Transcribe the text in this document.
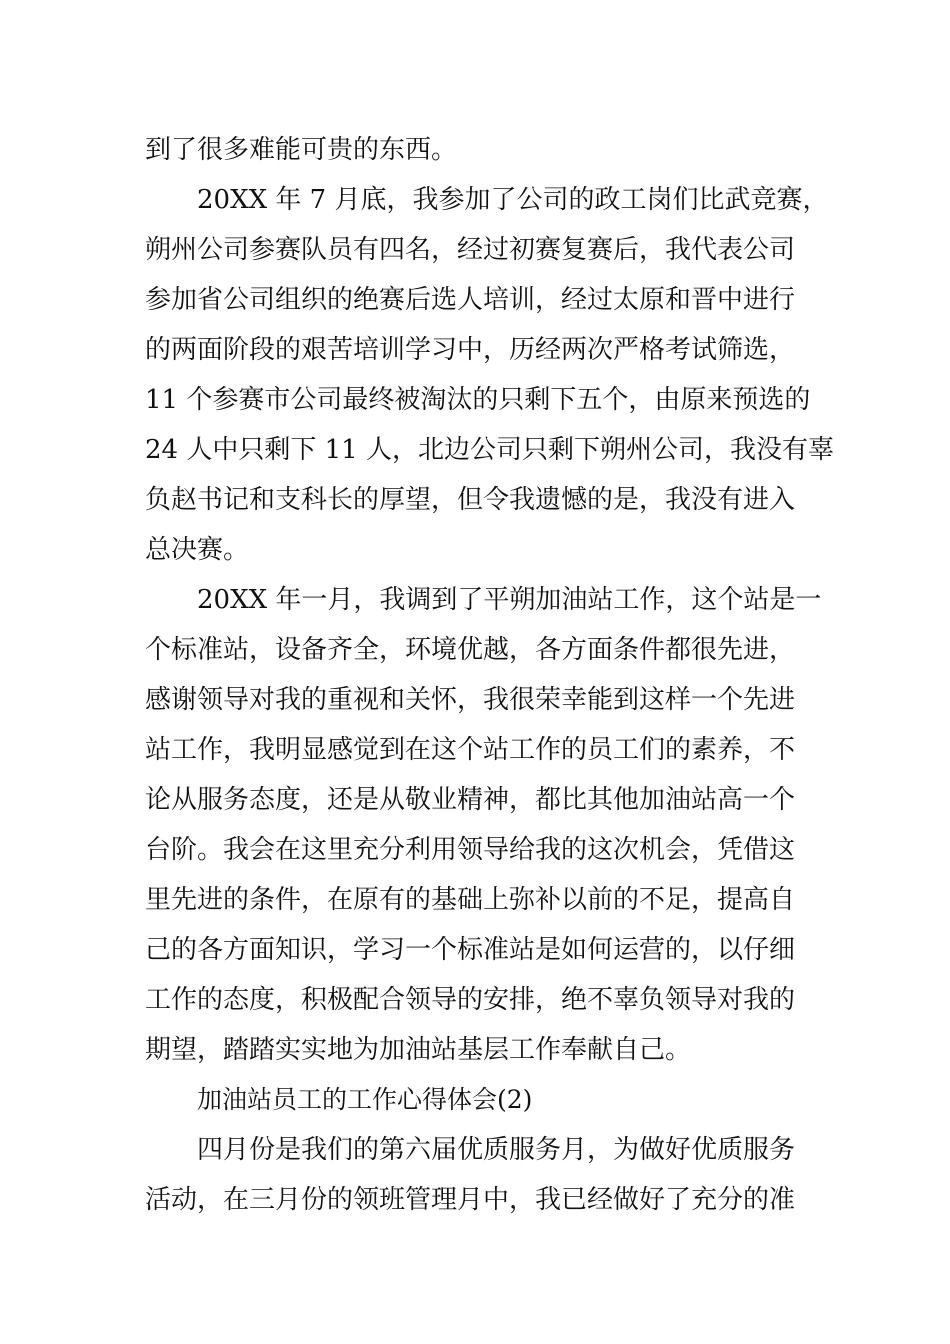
到了很多难能可贵的东西。
20XX 年 7 月底，我参加了公司的政工岗们比武竞赛，
朔州公司参赛队员有四名，经过初赛复赛后，我代表公司
参加省公司组织的绝赛后选人培训，经过太原和晋中进行
的两面阶段的艰苦培训学习中，历经两次严格考试筛选，
11 个参赛市公司最终被淘汰的只剩下五个，由原来预选的
24 人中只剩下 11 人，北边公司只剩下朔州公司，我没有辜
负赵书记和支科长的厚望，但令我遗憾的是，我没有进入
总决赛。
20XX 年一月，我调到了平朔加油站工作，这个站是一
个标准站，设备齐全，环境优越，各方面条件都很先进，
感谢领导对我的重视和关怀，我很荣幸能到这样一个先进
站工作，我明显感觉到在这个站工作的员工们的素养，不
论从服务态度，还是从敬业精神，都比其他加油站高一个
台阶。我会在这里充分利用领导给我的这次机会，凭借这
里先进的条件，在原有的基础上弥补以前的不足，提高自
己的各方面知识，学习一个标准站是如何运营的，以仔细
工作的态度，积极配合领导的安排，绝不辜负领导对我的
期望，踏踏实实地为加油站基层工作奉献自己。
加油站员工的工作心得体会(2)
四月份是我们的第六届优质服务月，为做好优质服务
活动，在三月份的领班管理月中，我已经做好了充分的准
